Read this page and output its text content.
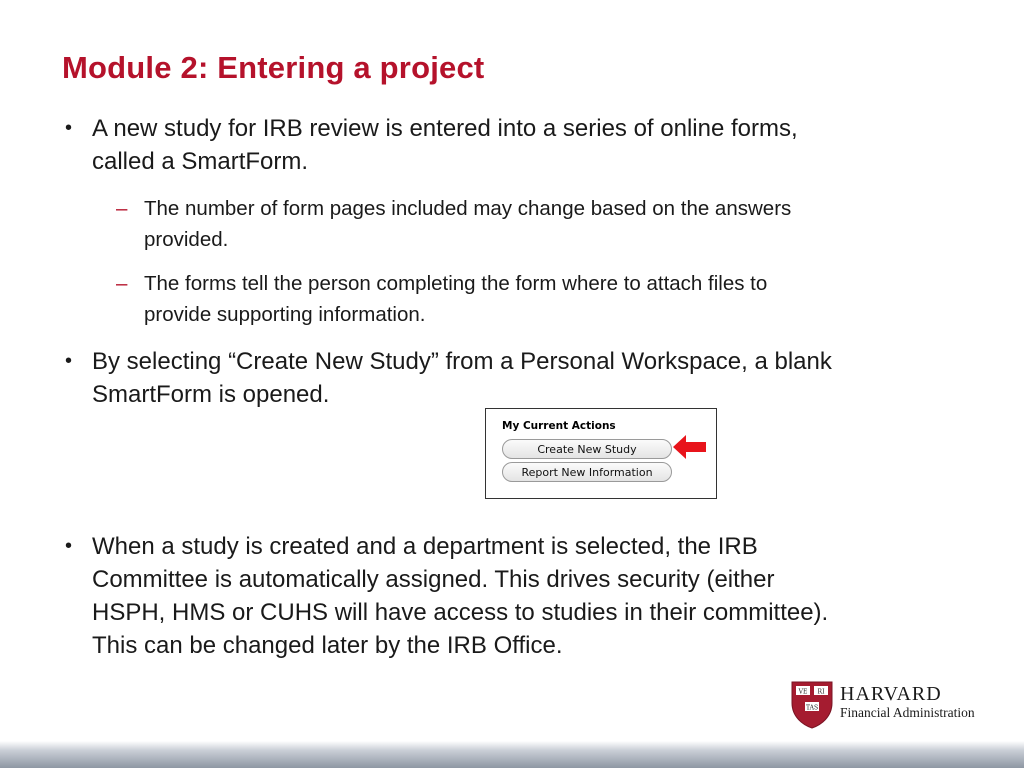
Module 2: Entering a project
• A new study for IRB review is entered into a series of online forms,
called a SmartForm.
– The number of form pages included may change based on the answers
provided.
– The forms tell the person completing the form where to attach files to
provide supporting information.
• By selecting “Create New Study” from a Personal Workspace, a blank
SmartForm is opened.
My Current Actions
Create New Study
Report New Information
• When a study is created and a department is selected, the IRB
Committee is automatically assigned. This drives security (either
HSPH, HMS or CUHS will have access to studies in their committee).
This can be changed later by the IRB Office.
VE RI
TAS
HARVARD
Financial Administration
